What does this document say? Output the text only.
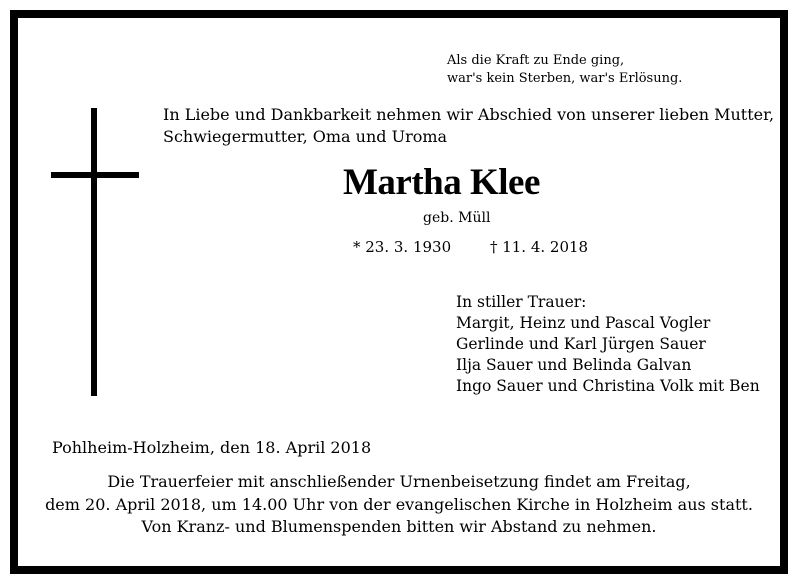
Als die Kraft zu Ende ging,
war's kein Sterben, war's Erlösung.
In Liebe und Dankbarkeit nehmen wir Abschied von unserer lieben Mutter,
Schwiegermutter, Oma und Uroma
Martha Klee
geb. Müll
* 23. 3. 1930	† 11. 4. 2018
In stiller Trauer:
Margit, Heinz und Pascal Vogler
Gerlinde und Karl Jürgen Sauer
Ilja Sauer und Belinda Galvan
Ingo Sauer und Christina Volk mit Ben
Pohlheim-Holzheim, den 18. April 2018
Die Trauerfeier mit anschließender Urnenbeisetzung findet am Freitag,
dem 20. April 2018, um 14.00 Uhr von der evangelischen Kirche in Holzheim aus statt.
Von Kranz- und Blumenspenden bitten wir Abstand zu nehmen.
